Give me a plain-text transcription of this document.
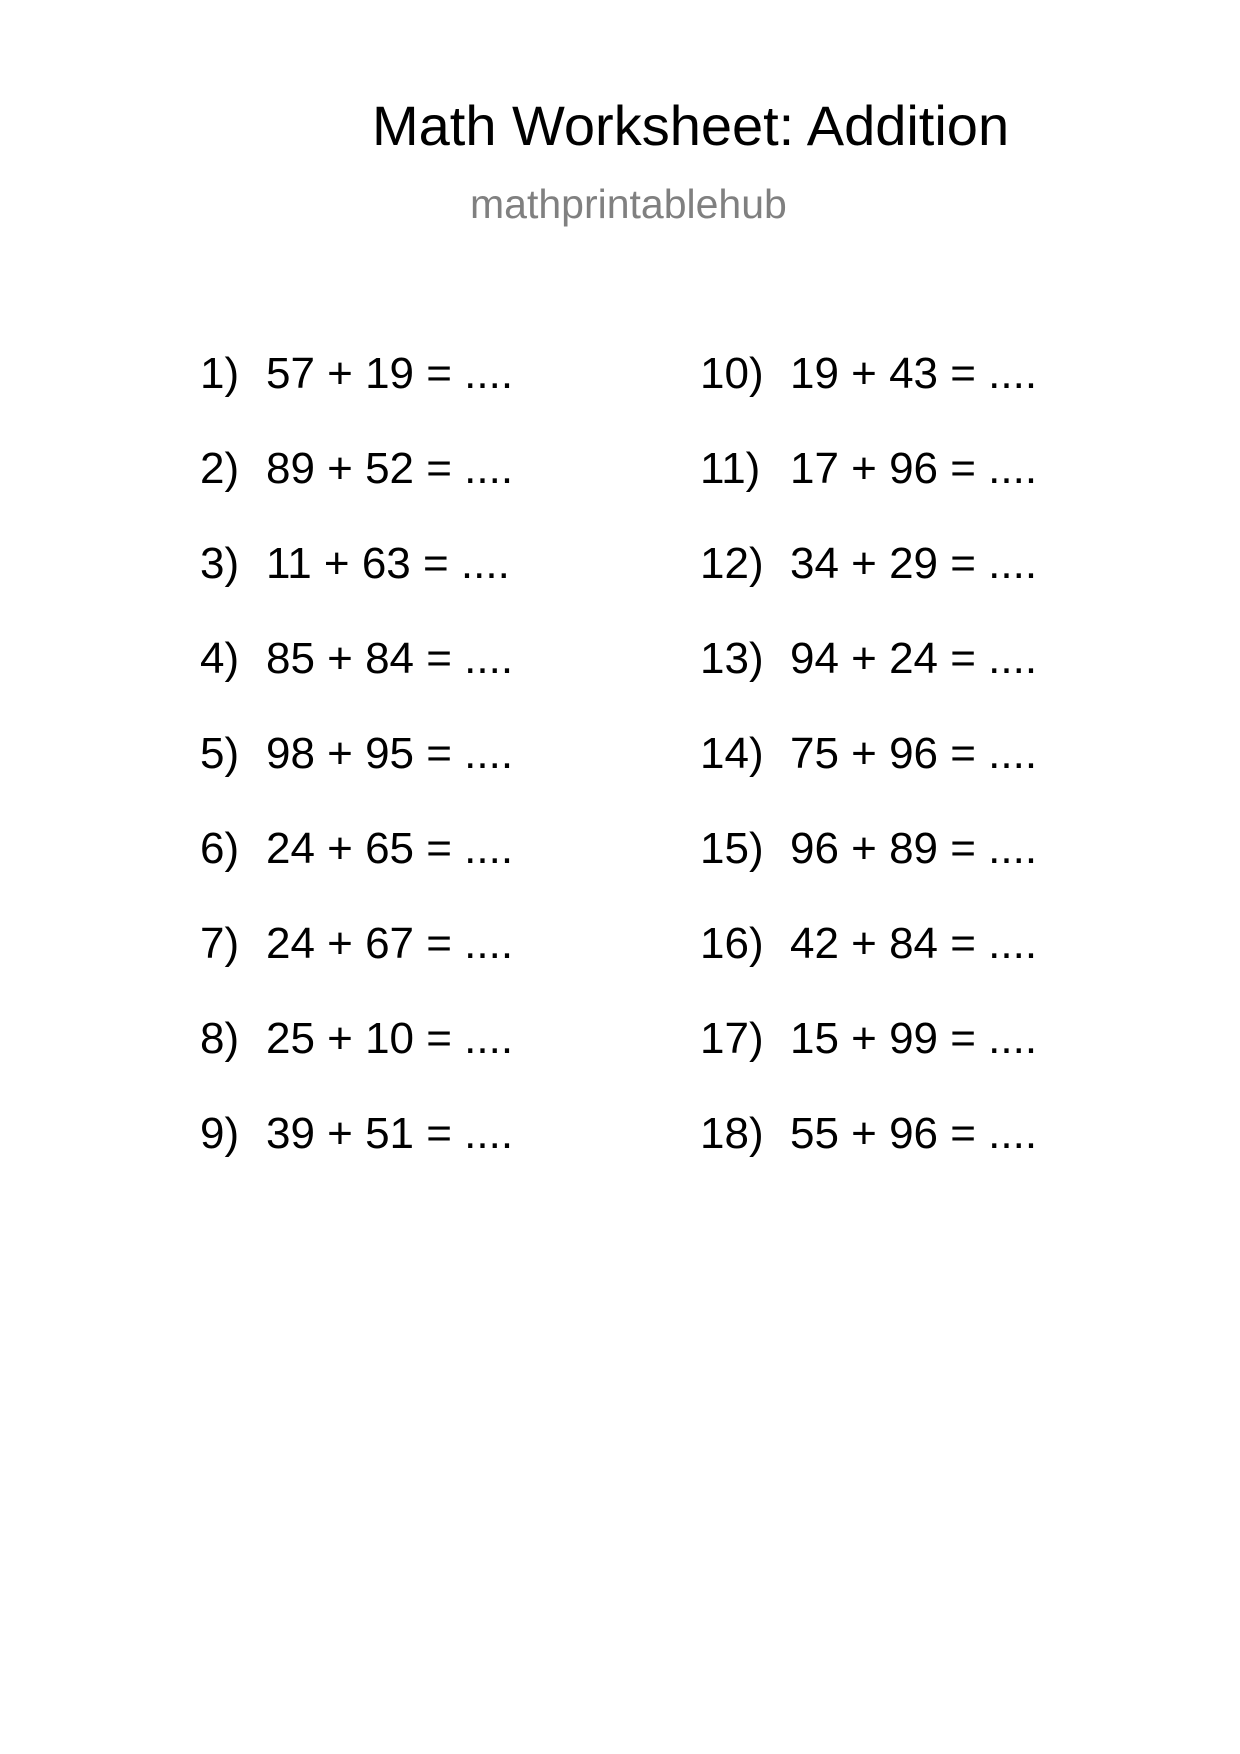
Math Worksheet: Addition
mathprintablehub
1) 57 + 19 = ....
2) 89 + 52 = ....
3) 11 + 63 = ....
4) 85 + 84 = ....
5) 98 + 95 = ....
6) 24 + 65 = ....
7) 24 + 67 = ....
8) 25 + 10 = ....
9) 39 + 51 = ....
10) 19 + 43 = ....
11) 17 + 96 = ....
12) 34 + 29 = ....
13) 94 + 24 = ....
14) 75 + 96 = ....
15) 96 + 89 = ....
16) 42 + 84 = ....
17) 15 + 99 = ....
18) 55 + 96 = ....
